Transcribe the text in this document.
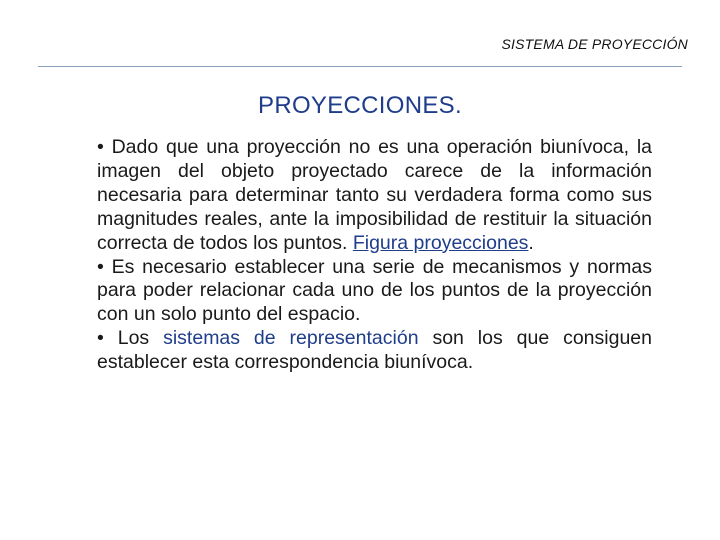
SISTEMA DE PROYECCIÓN
PROYECCIONES.

• Dado que una proyección no es una operación biunívoca, la imagen del objeto proyectado carece de la información necesaria para determinar tanto su verdadera forma como sus magnitudes reales, ante la imposibilidad de restituir la situación correcta de todos los puntos. Figura proyecciones.

• Es necesario establecer una serie de mecanismos y normas para poder relacionar cada uno de los puntos de la proyección con un solo punto del espacio.

• Los sistemas de representación son los que consiguen establecer esta correspondencia biunívoca.
